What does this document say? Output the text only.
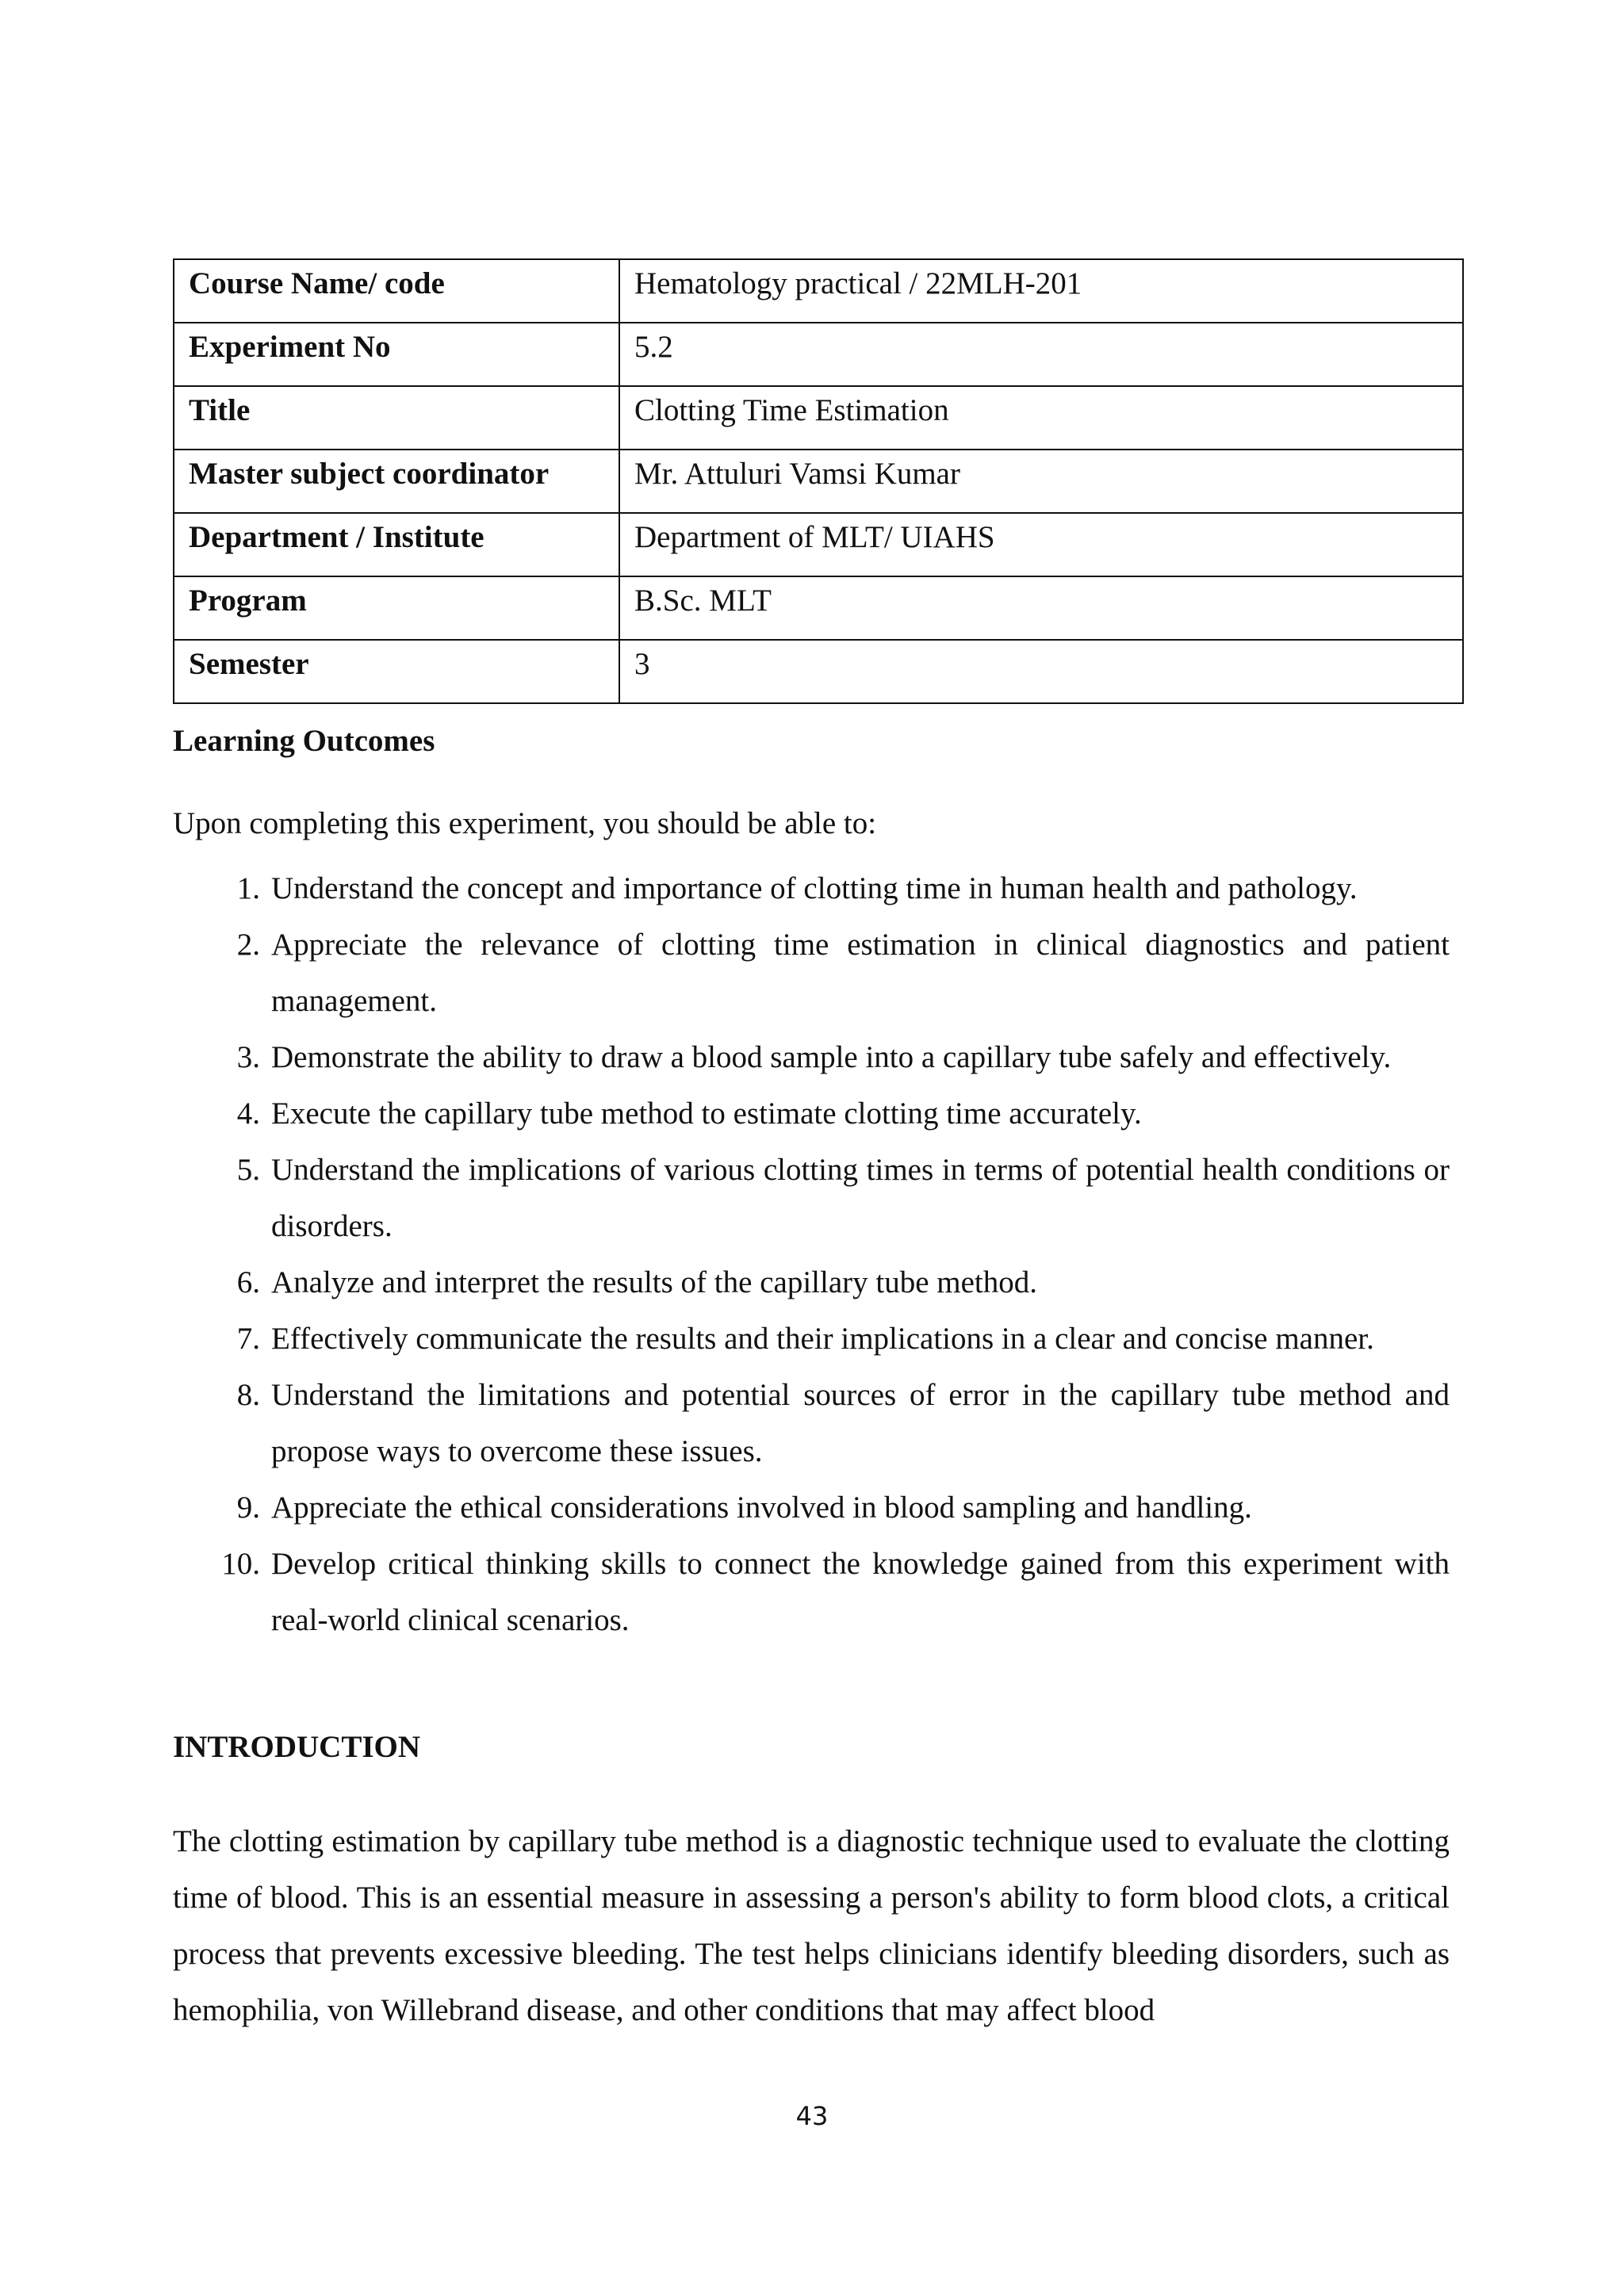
Course Name/ code	Hematology practical / 22MLH-201
Experiment No	5.2
Title	Clotting Time Estimation
Master subject coordinator	Mr. Attuluri Vamsi Kumar
Department / Institute	Department of MLT/ UIAHS
Program	B.Sc. MLT
Semester	3
Learning Outcomes

Upon completing this experiment, you should be able to:

1. Understand the concept and importance of clotting time in human health and pathology.
2. Appreciate the relevance of clotting time estimation in clinical diagnostics and patient management.
3. Demonstrate the ability to draw a blood sample into a capillary tube safely and effectively.
4. Execute the capillary tube method to estimate clotting time accurately.
5. Understand the implications of various clotting times in terms of potential health conditions or disorders.
6. Analyze and interpret the results of the capillary tube method.
7. Effectively communicate the results and their implications in a clear and concise manner.
8. Understand the limitations and potential sources of error in the capillary tube method and propose ways to overcome these issues.
9. Appreciate the ethical considerations involved in blood sampling and handling.
10. Develop critical thinking skills to connect the knowledge gained from this experiment with real-world clinical scenarios.
INTRODUCTION

The clotting estimation by capillary tube method is a diagnostic technique used to evaluate the clotting time of blood. This is an essential measure in assessing a person's ability to form blood clots, a critical process that prevents excessive bleeding. The test helps clinicians identify bleeding disorders, such as hemophilia, von Willebrand disease, and other conditions that may affect blood

43
